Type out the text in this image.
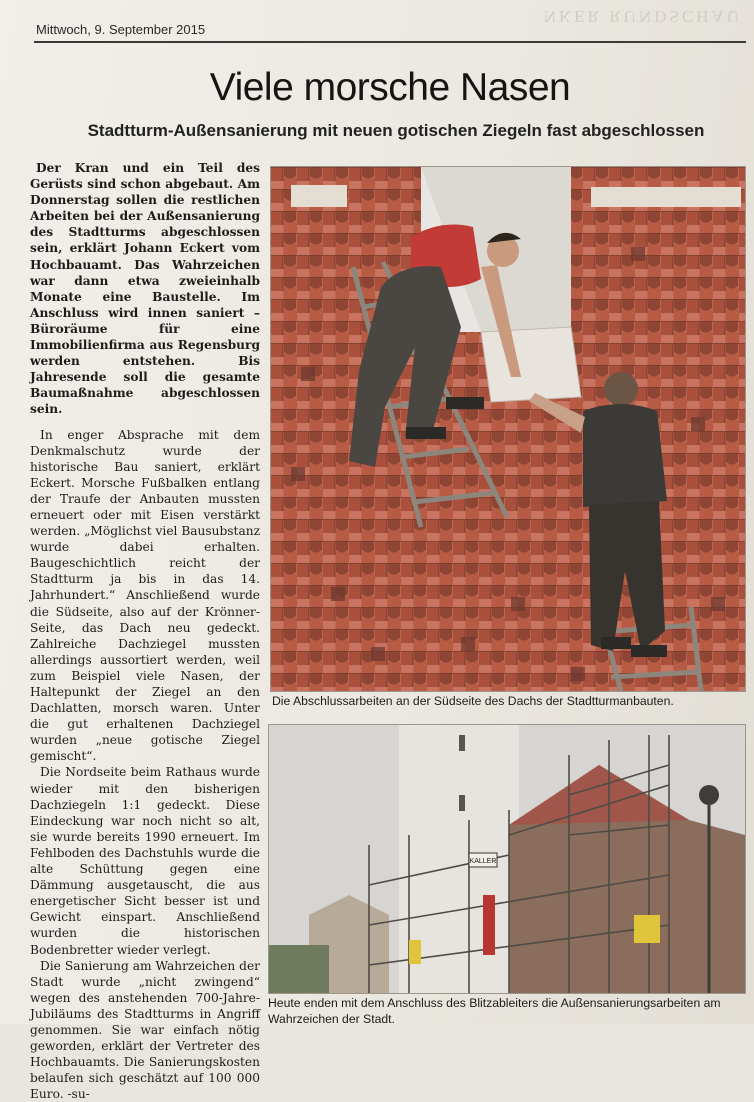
NKER RUNDSCHAU
Mittwoch, 9. September 2015
Viele morsche Nasen
Stadtturm-Außensanierung mit neuen gotischen Ziegeln fast abgeschlossen

Der Kran und ein Teil des Gerüsts sind schon abgebaut. Am Donnerstag sollen die restlichen Arbeiten bei der Außensanierung des Stadtturms abgeschlossen sein, erklärt Johann Eckert vom Hochbauamt. Das Wahrzeichen war dann etwa zweieinhalb Monate eine Baustelle. Im Anschluss wird innen saniert – Büroräume für eine Immobilienfirma aus Regensburg werden entstehen. Bis Jahresende soll die gesamte Baumaßnahme abgeschlossen sein.

In enger Absprache mit dem Denkmalschutz wurde der historische Bau saniert, erklärt Eckert. Morsche Fußbalken entlang der Traufe der Anbauten mussten erneuert oder mit Eisen verstärkt werden. „Möglichst viel Bausubstanz wurde dabei erhalten. Baugeschichtlich reicht der Stadtturm ja bis in das 14. Jahrhundert.“ Anschließend wurde die Südseite, also auf der Krönner-Seite, das Dach neu gedeckt. Zahlreiche Dachziegel mussten allerdings aussortiert werden, weil zum Beispiel viele Nasen, der Haltepunkt der Ziegel an den Dachlatten, morsch waren. Unter die gut erhaltenen Dachziegel wurden „neue gotische Ziegel gemischt“.

Die Nordseite beim Rathaus wurde wieder mit den bisherigen Dachziegeln 1:1 gedeckt. Diese Eindeckung war noch nicht so alt, sie wurde bereits 1990 erneuert. Im Fehlboden des Dachstuhls wurde die alte Schüttung gegen eine Dämmung ausgetauscht, die aus energetischer Sicht besser ist und Gewicht einspart. Anschließend wurden die historischen Bodenbretter wieder verlegt.

Die Sanierung am Wahrzeichen der Stadt wurde „nicht zwingend“ wegen des anstehenden 700-Jahre-Jubiläums des Stadtturms in Angriff genommen. Sie war einfach nötig geworden, erklärt der Vertreter des Hochbauamts. Die Sanierungskosten belaufen sich geschätzt auf 100 000 Euro. -su-

Die Abschlussarbeiten an der Südseite des Dachs der Stadtturmanbauten.
KALLER
Heute enden mit dem Anschluss des Blitzableiters die Außensanierungsarbeiten am Wahrzeichen der Stadt.
